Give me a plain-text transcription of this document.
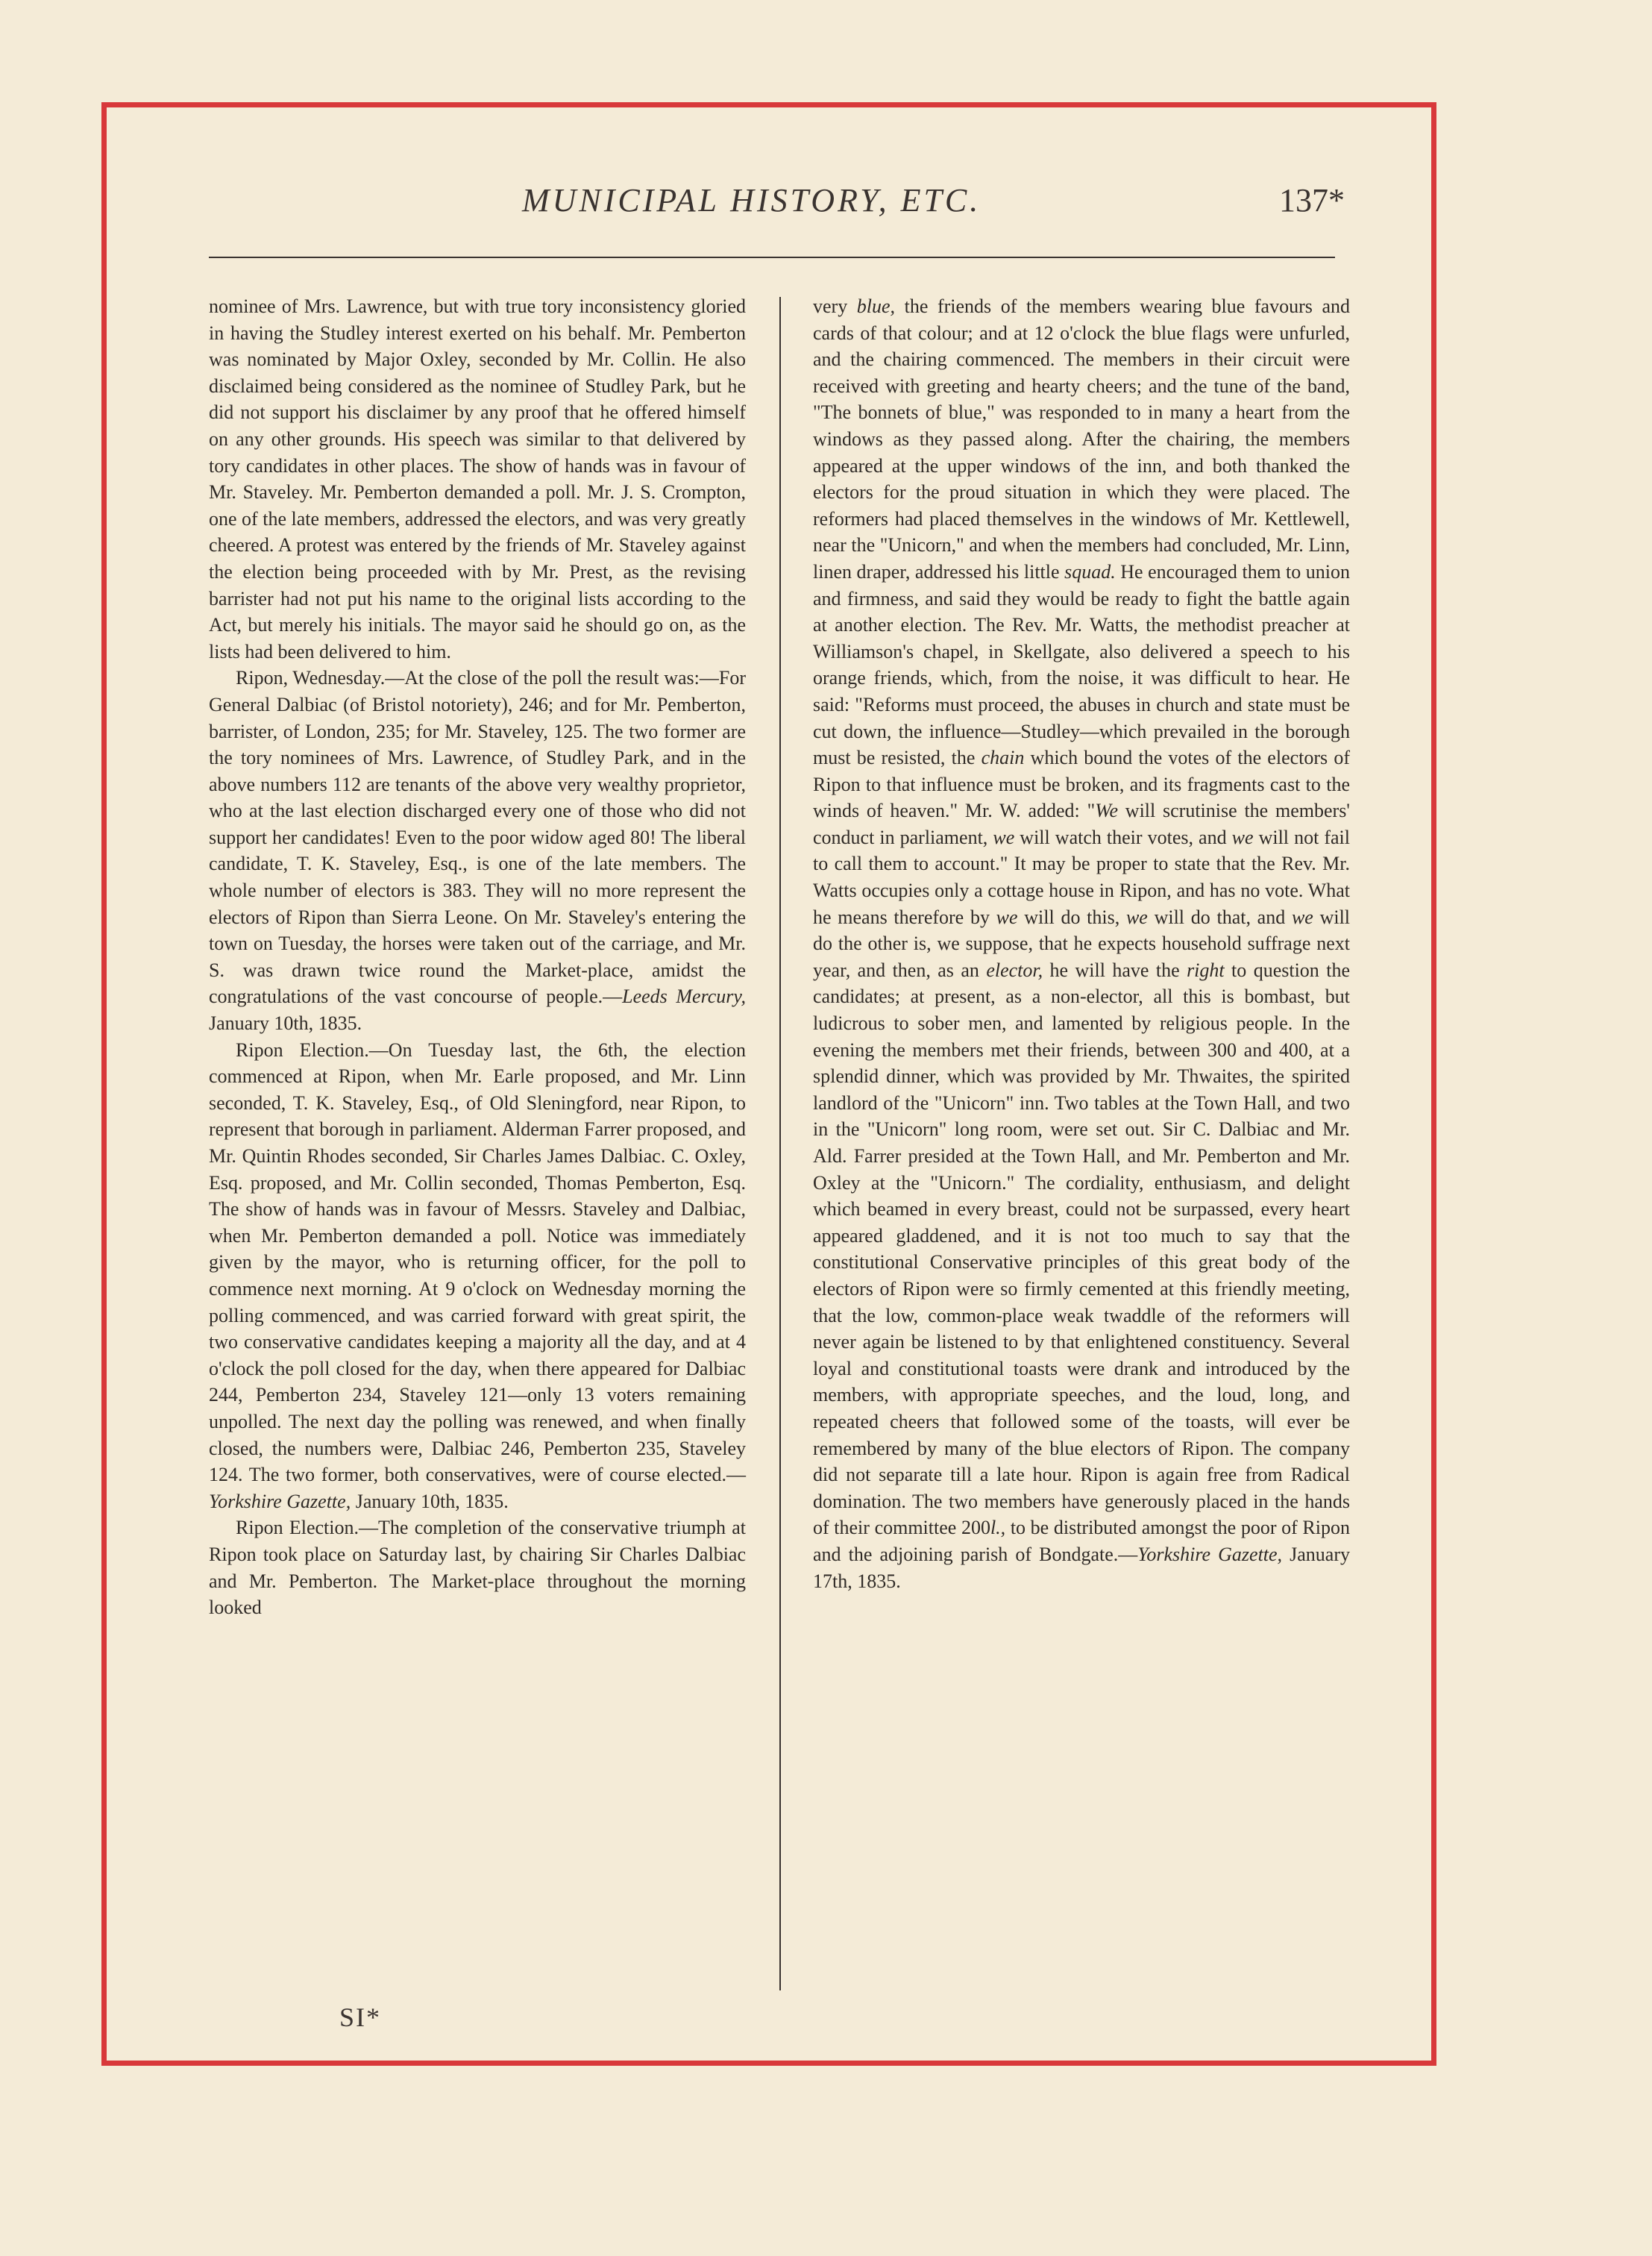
MUNICIPAL HISTORY, ETC.	137*

nominee of Mrs. Lawrence, but with true tory inconsistency gloried in having the Studley interest exerted on his behalf. Mr. Pemberton was nominated by Major Oxley, seconded by Mr. Collin. He also disclaimed being considered as the nominee of Studley Park, but he did not support his disclaimer by any proof that he offered himself on any other grounds. His speech was similar to that delivered by tory candidates in other places. The show of hands was in favour of Mr. Staveley. Mr. Pemberton demanded a poll. Mr. J. S. Crompton, one of the late members, addressed the electors, and was very greatly cheered. A protest was entered by the friends of Mr. Staveley against the election being proceeded with by Mr. Prest, as the revising barrister had not put his name to the original lists according to the Act, but merely his initials. The mayor said he should go on, as the lists had been delivered to him.

Ripon, Wednesday.—At the close of the poll the result was:—For General Dalbiac (of Bristol notoriety), 246; and for Mr. Pemberton, barrister, of London, 235; for Mr. Staveley, 125. The two former are the tory nominees of Mrs. Lawrence, of Studley Park, and in the above numbers 112 are tenants of the above very wealthy proprietor, who at the last election discharged every one of those who did not support her candidates! Even to the poor widow aged 80! The liberal candidate, T. K. Staveley, Esq., is one of the late members. The whole number of electors is 383. They will no more represent the electors of Ripon than Sierra Leone. On Mr. Staveley's entering the town on Tuesday, the horses were taken out of the carriage, and Mr. S. was drawn twice round the Market-place, amidst the congratulations of the vast concourse of people.—Leeds Mercury, January 10th, 1835.

Ripon Election.—On Tuesday last, the 6th, the election commenced at Ripon, when Mr. Earle proposed, and Mr. Linn seconded, T. K. Staveley, Esq., of Old Sleningford, near Ripon, to represent that borough in parliament. Alderman Farrer proposed, and Mr. Quintin Rhodes seconded, Sir Charles James Dalbiac. C. Oxley, Esq. proposed, and Mr. Collin seconded, Thomas Pemberton, Esq. The show of hands was in favour of Messrs. Staveley and Dalbiac, when Mr. Pemberton demanded a poll. Notice was immediately given by the mayor, who is returning officer, for the poll to commence next morning. At 9 o'clock on Wednesday morning the polling commenced, and was carried forward with great spirit, the two conservative candidates keeping a majority all the day, and at 4 o'clock the poll closed for the day, when there appeared for Dalbiac 244, Pemberton 234, Staveley 121—only 13 voters remaining unpolled. The next day the polling was renewed, and when finally closed, the numbers were, Dalbiac 246, Pemberton 235, Staveley 124. The two former, both conservatives, were of course elected.—Yorkshire Gazette, January 10th, 1835.

Ripon Election.—The completion of the conservative triumph at Ripon took place on Saturday last, by chairing Sir Charles Dalbiac and Mr. Pemberton. The Market-place throughout the morning looked

very blue, the friends of the members wearing blue favours and cards of that colour; and at 12 o'clock the blue flags were unfurled, and the chairing commenced. The members in their circuit were received with greeting and hearty cheers; and the tune of the band, "The bonnets of blue," was responded to in many a heart from the windows as they passed along. After the chairing, the members appeared at the upper windows of the inn, and both thanked the electors for the proud situation in which they were placed. The reformers had placed themselves in the windows of Mr. Kettlewell, near the "Unicorn," and when the members had concluded, Mr. Linn, linen draper, addressed his little squad. He encouraged them to union and firmness, and said they would be ready to fight the battle again at another election. The Rev. Mr. Watts, the methodist preacher at Williamson's chapel, in Skellgate, also delivered a speech to his orange friends, which, from the noise, it was difficult to hear. He said: "Reforms must proceed, the abuses in church and state must be cut down, the influence—Studley—which prevailed in the borough must be resisted, the chain which bound the votes of the electors of Ripon to that influence must be broken, and its fragments cast to the winds of heaven." Mr. W. added: "We will scrutinise the members' conduct in parliament, we will watch their votes, and we will not fail to call them to account." It may be proper to state that the Rev. Mr. Watts occupies only a cottage house in Ripon, and has no vote. What he means therefore by we will do this, we will do that, and we will do the other is, we suppose, that he expects household suffrage next year, and then, as an elector, he will have the right to question the candidates; at present, as a non-elector, all this is bombast, but ludicrous to sober men, and lamented by religious people. In the evening the members met their friends, between 300 and 400, at a splendid dinner, which was provided by Mr. Thwaites, the spirited landlord of the "Unicorn" inn. Two tables at the Town Hall, and two in the "Unicorn" long room, were set out. Sir C. Dalbiac and Mr. Ald. Farrer presided at the Town Hall, and Mr. Pemberton and Mr. Oxley at the "Unicorn." The cordiality, enthusiasm, and delight which beamed in every breast, could not be surpassed, every heart appeared gladdened, and it is not too much to say that the constitutional Conservative principles of this great body of the electors of Ripon were so firmly cemented at this friendly meeting, that the low, common-place weak twaddle of the reformers will never again be listened to by that enlightened constituency. Several loyal and constitutional toasts were drank and introduced by the members, with appropriate speeches, and the loud, long, and repeated cheers that followed some of the toasts, will ever be remembered by many of the blue electors of Ripon. The company did not separate till a late hour. Ripon is again free from Radical domination. The two members have generously placed in the hands of their committee 200l., to be distributed amongst the poor of Ripon and the adjoining parish of Bondgate.—Yorkshire Gazette, January 17th, 1835.

SI*
